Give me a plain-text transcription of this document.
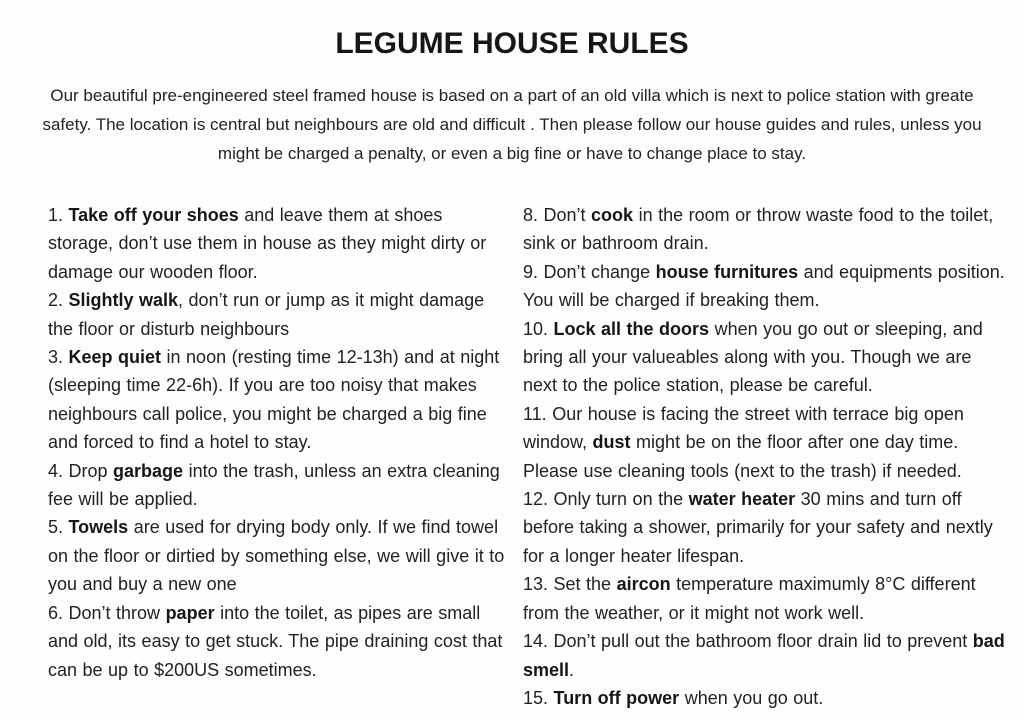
LEGUME HOUSE RULES

Our beautiful pre-engineered steel framed house is based on a part of an old villa which is next to police station with greate safety. The location is central but neighbours are old and difficult . Then please follow our house guides and rules, unless you might be charged a penalty, or even a big fine or have to change place to stay.

1. Take off your shoes and leave them at shoes storage, don’t use them in house as they might dirty or damage our wooden floor.

2. Slightly walk, don’t run or jump as it might damage the floor or disturb neighbours

3. Keep quiet in noon (resting time 12-13h) and at night (sleeping time 22-6h). If you are too noisy that makes neighbours call police, you might be charged a big fine and forced to find a hotel to stay.

4. Drop garbage into the trash, unless an extra cleaning fee will be applied.

5. Towels are used for drying body only. If we find towel on the floor or dirtied by something else, we will give it to you and buy a new one

6. Don’t throw paper into the toilet, as pipes are small and old, its easy to get stuck. The pipe draining cost that can be up to $200US sometimes.

8. Don’t cook in the room or throw waste food to the toilet, sink or bathroom drain.

9. Don’t change house furnitures and equipments position. You will be charged if breaking them.

10. Lock all the doors when you go out or sleeping, and bring all your valueables along with you. Though we are next to the police station, please be careful.

11. Our house is facing the street with terrace big open window, dust might be on the floor after one day time. Please use cleaning tools (next to the trash) if needed.

12. Only turn on the water heater 30 mins and turn off before taking a shower, primarily for your safety and nextly for a longer heater lifespan.

13. Set the aircon temperature maximumly 8°C different from the weather, or it might not work well.

14. Don’t pull out the bathroom floor drain lid to prevent bad smell.

15. Turn off power when you go out.
